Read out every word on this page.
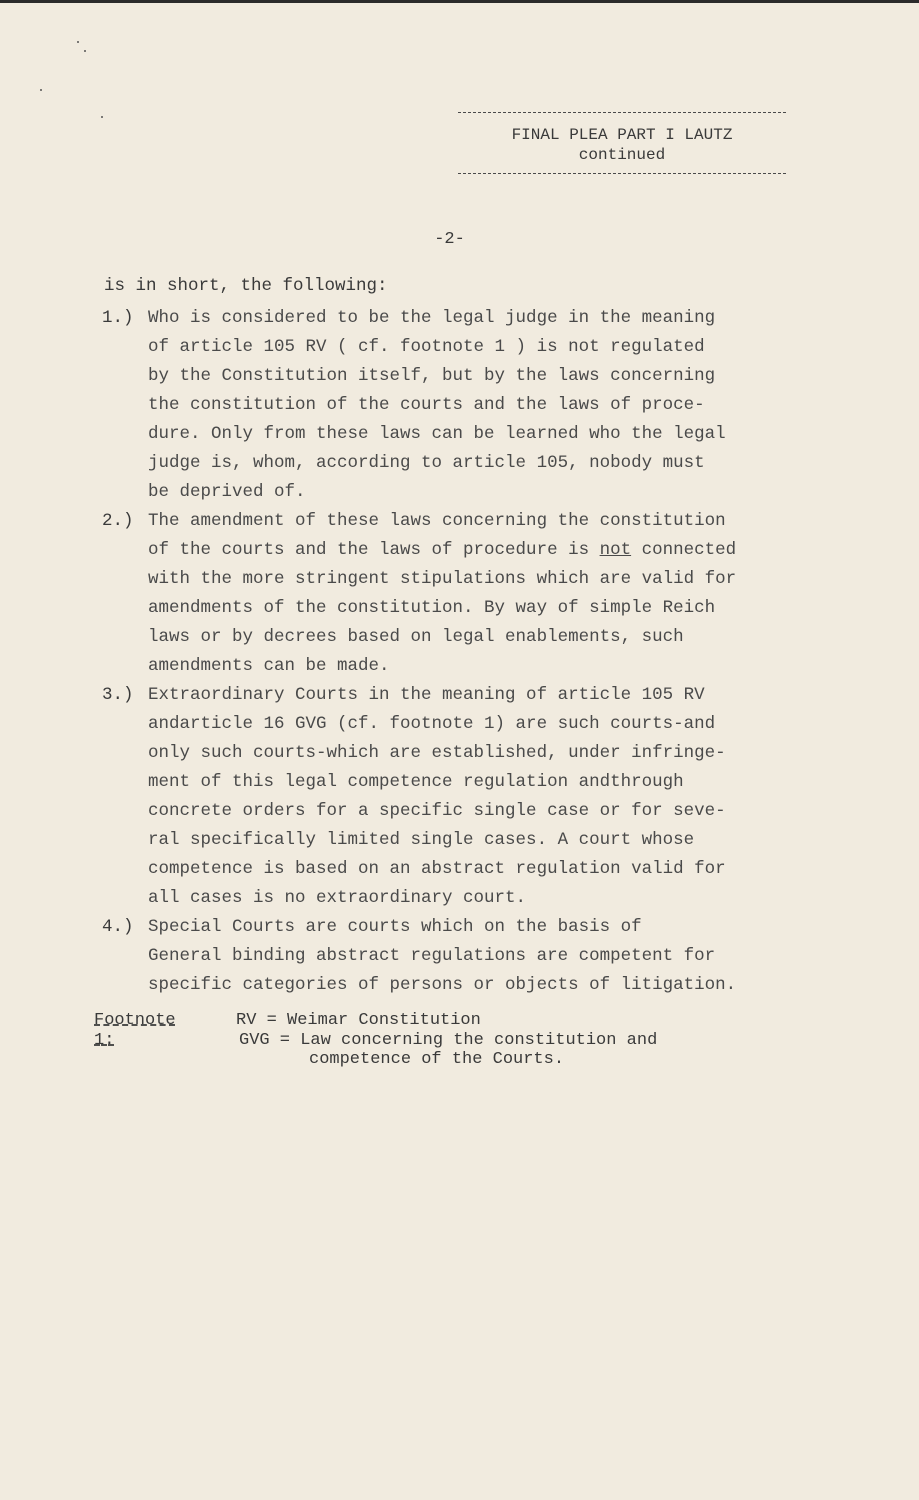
FINAL PLEA PART I LAUTZ
continued
-2-
is in short, the following:
1.) Who is considered to be the legal judge in the meaning
of article 105 RV ( cf. footnote 1 ) is not regulated
by the Constitution itself, but by the laws concerning
the constitution of the courts and the laws of proce-
dure. Only from these laws can be learned who the legal
judge is, whom, according to article 105, nobody must
be deprived of.

2.) The amendment of these laws concerning the constitution
of the courts and the laws of procedure is not connected
with the more stringent stipulations which are valid for
amendments of the constitution. By way of simple Reich
laws or by decrees based on legal enablements, such
amendments can be made.

3.) Extraordinary Courts in the meaning of article 105 RV
andarticle 16 GVG (cf. footnote 1) are such courts-and
only such courts-which are established, under infringe-
ment of this legal competence regulation andthrough
concrete orders for a specific single case or for seve-
ral specifically limited single cases. A court whose
competence is based on an abstract regulation valid for
all cases is no extraordinary court.

4.) Special Courts are courts which on the basis of
General binding abstract regulations are competent for
specific categories of persons or objects of litigation.

Footnote 1:
RV = Weimar Constitution
GVG = Law concerning the constitution and
competence of the Courts.
